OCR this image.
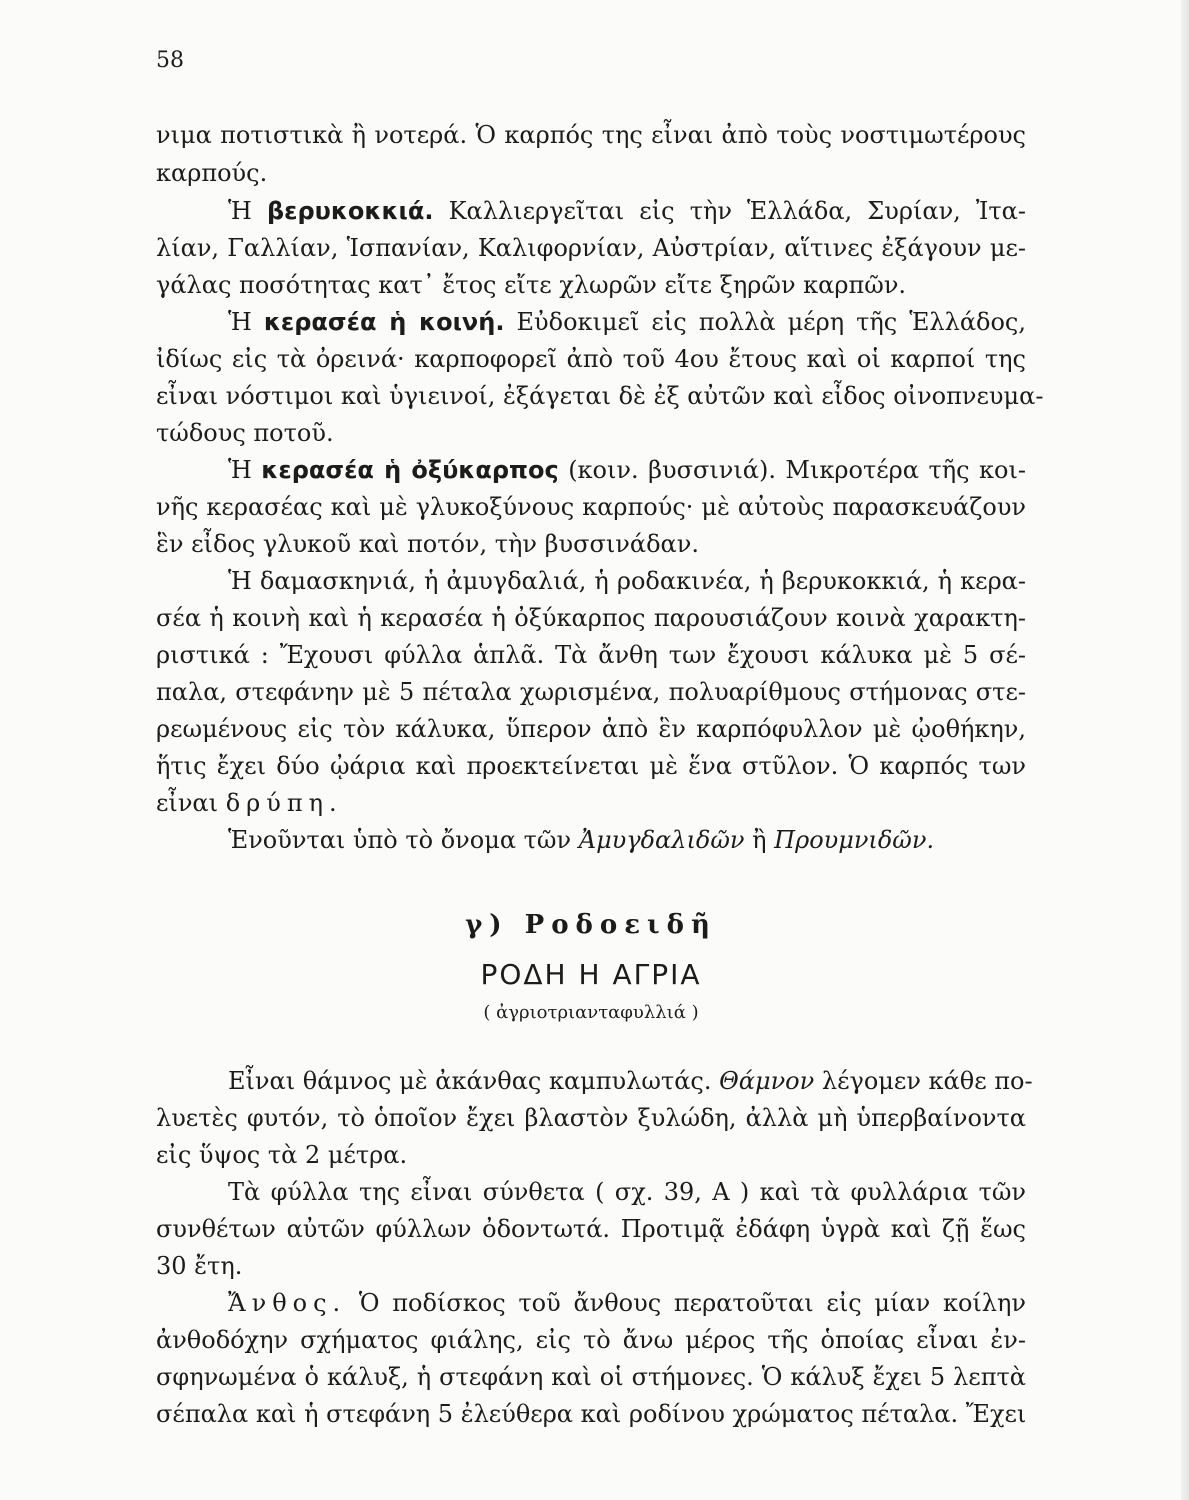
58
νιμα ποτιστικὰ ἢ νοτερά. Ὁ καρπός της εἶναι ἀπὸ τοὺς νοστιμωτέρους
καρπούς.
Ἡ βερυκοκκιά. Καλλιεργεῖται εἰς τὴν Ἑλλάδα, Συρίαν, Ἰτα-
λίαν, Γαλλίαν, Ἱσπανίαν, Καλιφορνίαν, Αὐστρίαν, αἵτινες ἐξάγουν με-
γάλας ποσότητας κατ᾽ ἔτος εἴτε χλωρῶν εἴτε ξηρῶν καρπῶν.
Ἡ κερασέα ἡ κοινή. Εὐδοκιμεῖ εἰς πολλὰ μέρη τῆς Ἑλλάδος,
ἰδίως εἰς τὰ ὀρεινά· καρποφορεῖ ἀπὸ τοῦ 4ου ἔτους καὶ οἱ καρποί της
εἶναι νόστιμοι καὶ ὑγιεινοί, ἐξάγεται δὲ ἐξ αὐτῶν καὶ εἶδος οἰνοπνευμα-
τώδους ποτοῦ.
Ἡ κερασέα ἡ ὀξύκαρπος (κοιν. βυσσινιά). Μικροτέρα τῆς κοι-
νῆς κερασέας καὶ μὲ γλυκοξύνους καρπούς· μὲ αὐτοὺς παρασκευάζουν
ἓν εἶδος γλυκοῦ καὶ ποτόν, τὴν βυσσινάδαν.
Ἡ δαμασκηνιά, ἡ ἀμυγδαλιά, ἡ ροδακινέα, ἡ βερυκοκκιά, ἡ κερα-
σέα ἡ κοινὴ καὶ ἡ κερασέα ἡ ὀξύκαρπος παρουσιάζουν κοινὰ χαρακτη-
ριστικά : Ἔχουσι φύλλα ἁπλᾶ. Τὰ ἄνθη των ἔχουσι κάλυκα μὲ 5 σέ-
παλα, στεφάνην μὲ 5 πέταλα χωρισμένα, πολυαρίθμους στήμονας στε-
ρεωμένους εἰς τὸν κάλυκα, ὕπερον ἀπὸ ἓν καρπόφυλλον μὲ ᾠοθήκην,
ἥτις ἔχει δύο ᾠάρια καὶ προεκτείνεται μὲ ἕνα στῦλον. Ὁ καρπός των
εἶναι δρύπη.
Ἑνοῦνται ὑπὸ τὸ ὄνομα τῶν Ἀμυγδαλιδῶν ἢ Προυμνιδῶν.
γ) Ροδοειδῆ
ΡΟΔΗ Η ΑΓΡΙΑ
( ἀγριοτριανταφυλλιά )
Εἶναι θάμνος μὲ ἀκάνθας καμπυλωτάς. Θάμνον λέγομεν κάθε πο-
λυετὲς φυτόν, τὸ ὁποῖον ἔχει βλαστὸν ξυλώδη, ἀλλὰ μὴ ὑπερβαίνοντα
εἰς ὕψος τὰ 2 μέτρα.
Τὰ φύλλα της εἶναι σύνθετα ( σχ. 39, Α ) καὶ τὰ φυλλάρια τῶν
συνθέτων αὐτῶν φύλλων ὀδοντωτά. Προτιμᾷ ἐδάφη ὑγρὰ καὶ ζῇ ἕως
30 ἔτη.
Ἄνθος. Ὁ ποδίσκος τοῦ ἄνθους περατοῦται εἰς μίαν κοίλην
ἀνθοδόχην σχήματος φιάλης, εἰς τὸ ἄνω μέρος τῆς ὁποίας εἶναι ἐν-
σφηνωμένα ὁ κάλυξ, ἡ στεφάνη καὶ οἱ στήμονες. Ὁ κάλυξ ἔχει 5 λεπτὰ
σέπαλα καὶ ἡ στεφάνη 5 ἐλεύθερα καὶ ροδίνου χρώματος πέταλα. Ἔχει
